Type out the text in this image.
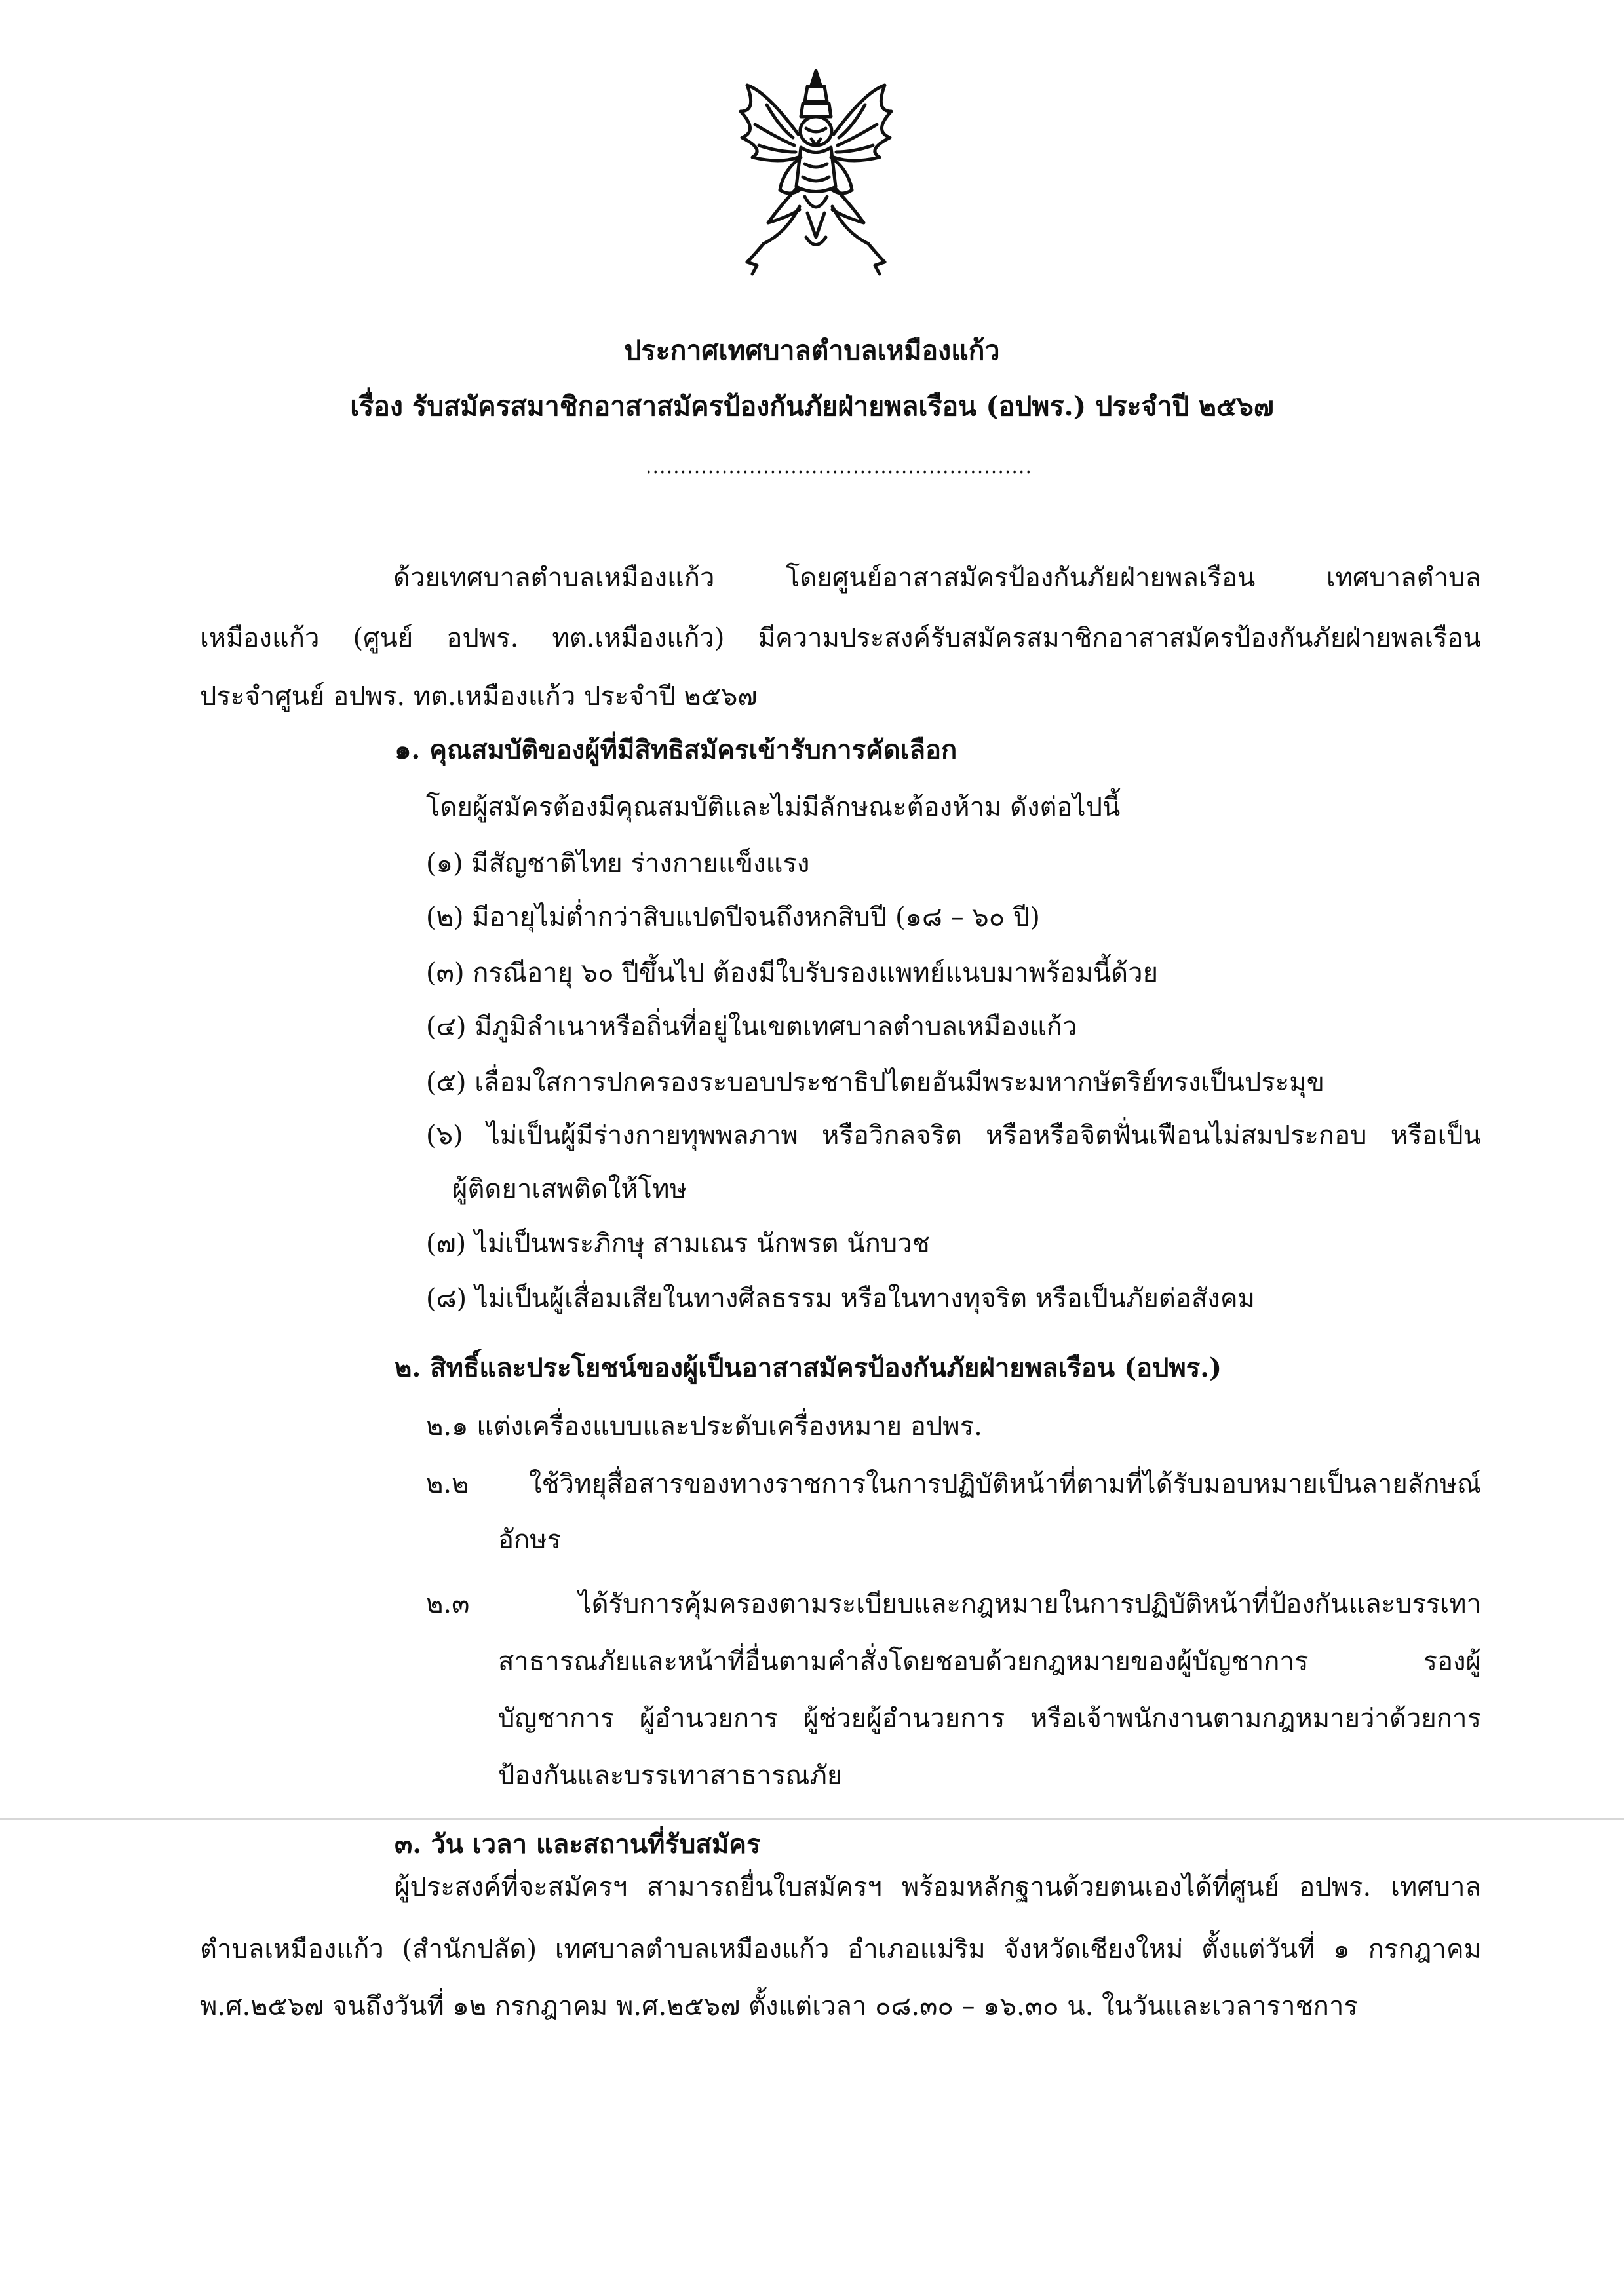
ประกาศเทศบาลตำบลเหมืองแก้ว
เรื่อง รับสมัครสมาชิกอาสาสมัครป้องกันภัยฝ่ายพลเรือน (อปพร.) ประจำปี ๒๕๖๗
........................................................
ด้วยเทศบาลตำบลเหมืองแก้ว โดยศูนย์อาสาสมัครป้องกันภัยฝ่ายพลเรือน เทศบาลตำบล
เหมืองแก้ว (ศูนย์ อปพร. ทต.เหมืองแก้ว) มีความประสงค์รับสมัครสมาชิกอาสาสมัครป้องกันภัยฝ่ายพลเรือน
ประจำศูนย์ อปพร. ทต.เหมืองแก้ว ประจำปี ๒๕๖๗
๑. คุณสมบัติของผู้ที่มีสิทธิสมัครเข้ารับการคัดเลือก
โดยผู้สมัครต้องมีคุณสมบัติและไม่มีลักษณะต้องห้าม ดังต่อไปนี้
(๑) มีสัญชาติไทย ร่างกายแข็งแรง
(๒) มีอายุไม่ต่ำกว่าสิบแปดปีจนถึงหกสิบปี (๑๘ – ๖๐ ปี)
(๓) กรณีอายุ ๖๐ ปีขึ้นไป ต้องมีใบรับรองแพทย์แนบมาพร้อมนี้ด้วย
(๔) มีภูมิลำเนาหรือถิ่นที่อยู่ในเขตเทศบาลตำบลเหมืองแก้ว
(๕) เลื่อมใสการปกครองระบอบประชาธิปไตยอันมีพระมหากษัตริย์ทรงเป็นประมุข
(๖) ไม่เป็นผู้มีร่างกายทุพพลภาพ หรือวิกลจริต หรือหรือจิตฟั่นเฟือนไม่สมประกอบ หรือเป็น
ผู้ติดยาเสพติดให้โทษ
(๗) ไม่เป็นพระภิกษุ สามเณร นักพรต นักบวช
(๘) ไม่เป็นผู้เสื่อมเสียในทางศีลธรรม หรือในทางทุจริต หรือเป็นภัยต่อสังคม
๒. สิทธิ์และประโยชน์ของผู้เป็นอาสาสมัครป้องกันภัยฝ่ายพลเรือน (อปพร.)
๒.๑ แต่งเครื่องแบบและประดับเครื่องหมาย อปพร.
๒.๒ ใช้วิทยุสื่อสารของทางราชการในการปฏิบัติหน้าที่ตามที่ได้รับมอบหมายเป็นลายลักษณ์
อักษร
๒.๓ ได้รับการคุ้มครองตามระเบียบและกฎหมายในการปฏิบัติหน้าที่ป้องกันและบรรเทา
สาธารณภัยและหน้าที่อื่นตามคำสั่งโดยชอบด้วยกฎหมายของผู้บัญชาการ รองผู้
บัญชาการ ผู้อำนวยการ ผู้ช่วยผู้อำนวยการ หรือเจ้าพนักงานตามกฎหมายว่าด้วยการ
ป้องกันและบรรเทาสาธารณภัย
๓. วัน เวลา และสถานที่รับสมัคร
ผู้ประสงค์ที่จะสมัครฯ สามารถยื่นใบสมัครฯ พร้อมหลักฐานด้วยตนเองได้ที่ศูนย์ อปพร. เทศบาล
ตำบลเหมืองแก้ว (สำนักปลัด) เทศบาลตำบลเหมืองแก้ว อำเภอแม่ริม จังหวัดเชียงใหม่ ตั้งแต่วันที่ ๑ กรกฎาคม
พ.ศ.๒๕๖๗ จนถึงวันที่ ๑๒ กรกฎาคม พ.ศ.๒๕๖๗ ตั้งแต่เวลา ๐๘.๓๐ – ๑๖.๓๐ น. ในวันและเวลาราชการ
